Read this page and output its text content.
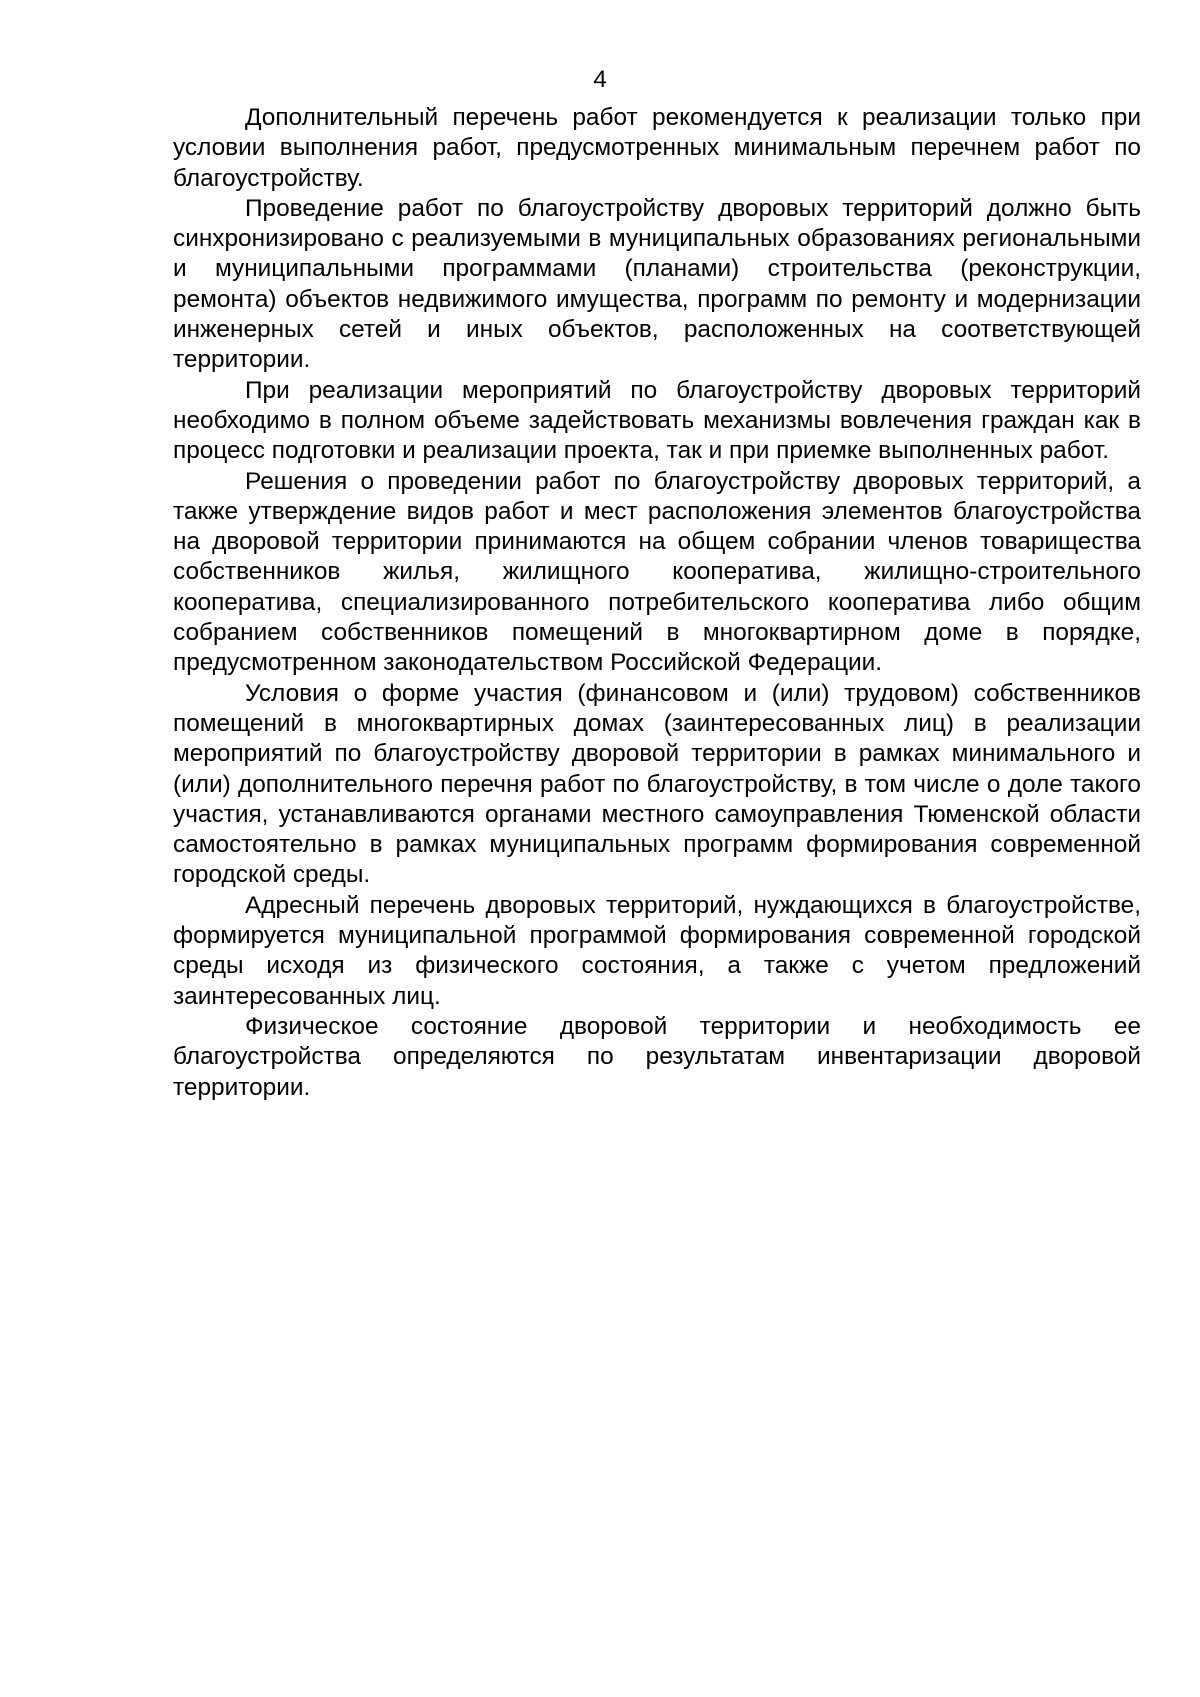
4

Дополнительный перечень работ рекомендуется к реализации только при условии выполнения работ, предусмотренных минимальным перечнем работ по благоустройству.

Проведение работ по благоустройству дворовых территорий должно быть синхронизировано с реализуемыми в муниципальных образованиях региональными и муниципальными программами (планами) строительства (реконструкции, ремонта) объектов недвижимого имущества, программ по ремонту и модернизации инженерных сетей и иных объектов, расположенных на соответствующей территории.

При реализации мероприятий по благоустройству дворовых территорий необходимо в полном объеме задействовать механизмы вовлечения граждан как в процесс подготовки и реализации проекта, так и при приемке выполненных работ.

Решения о проведении работ по благоустройству дворовых территорий, а также утверждение видов работ и мест расположения элементов благоустройства на дворовой территории принимаются на общем собрании членов товарищества собственников жилья, жилищного кооператива, жилищно-строительного кооператива, специализированного потребительского кооператива либо общим собранием собственников помещений в многоквартирном доме в порядке, предусмотренном законодательством Российской Федерации.

Условия о форме участия (финансовом и (или) трудовом) собственников помещений в многоквартирных домах (заинтересованных лиц) в реализации мероприятий по благоустройству дворовой территории в рамках минимального и (или) дополнительного перечня работ по благоустройству, в том числе о доле такого участия, устанавливаются органами местного самоуправления Тюменской области самостоятельно в рамках муниципальных программ формирования современной городской среды.

Адресный перечень дворовых территорий, нуждающихся в благоустройстве, формируется муниципальной программой формирования современной городской среды исходя из физического состояния, а также с учетом предложений заинтересованных лиц.

Физическое состояние дворовой территории и необходимость ее благоустройства определяются по результатам инвентаризации дворовой территории.
